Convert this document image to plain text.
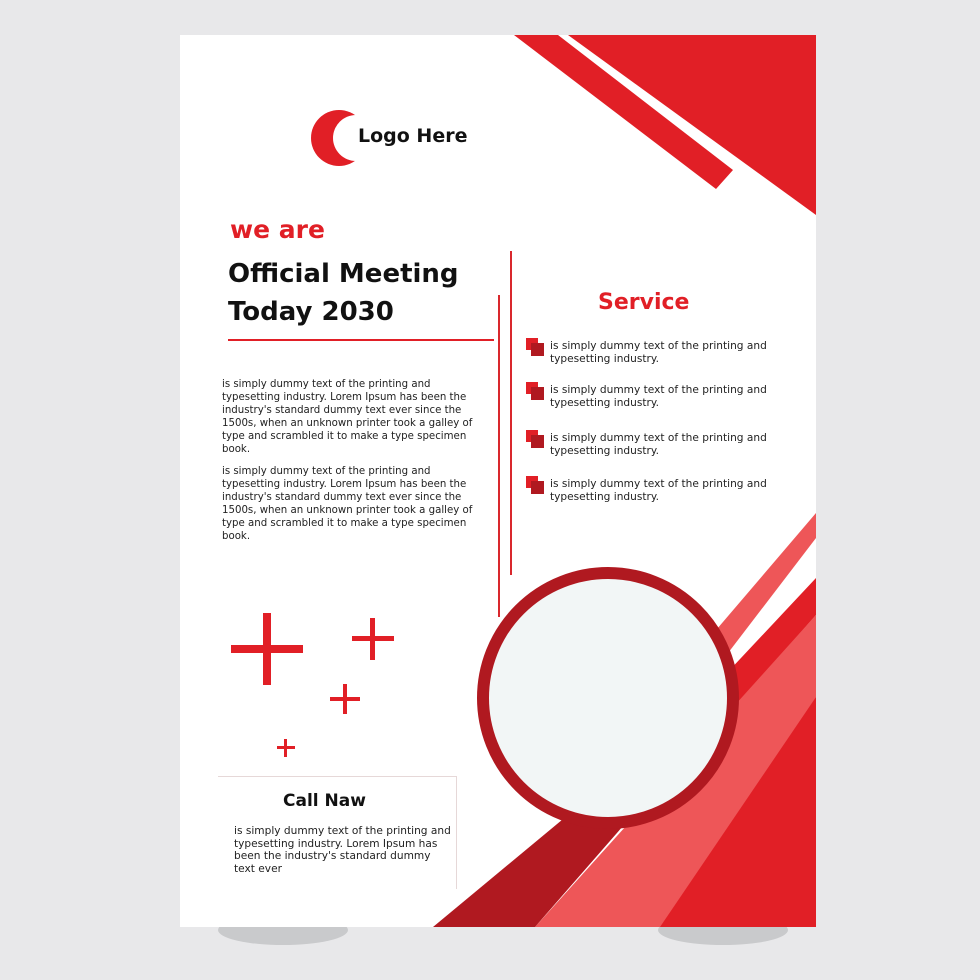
Logo Here
we are
Official Meeting
Today 2030
is simply dummy text of the printing and typesetting industry. Lorem Ipsum has been the industry's standard dummy text ever since the 1500s, when an unknown printer took a galley of type and scrambled it to make a type specimen book.
is simply dummy text of the printing and typesetting industry. Lorem Ipsum has been the industry's standard dummy text ever since the 1500s, when an unknown printer took a galley of type and scrambled it to make a type specimen book.
Service
is simply dummy text of the printing and typesetting industry.
is simply dummy text of the printing and typesetting industry.
is simply dummy text of the printing and typesetting industry.
is simply dummy text of the printing and typesetting industry.
Call Naw
is simply dummy text of the printing and typesetting industry. Lorem Ipsum has been the industry's standard dummy text ever
